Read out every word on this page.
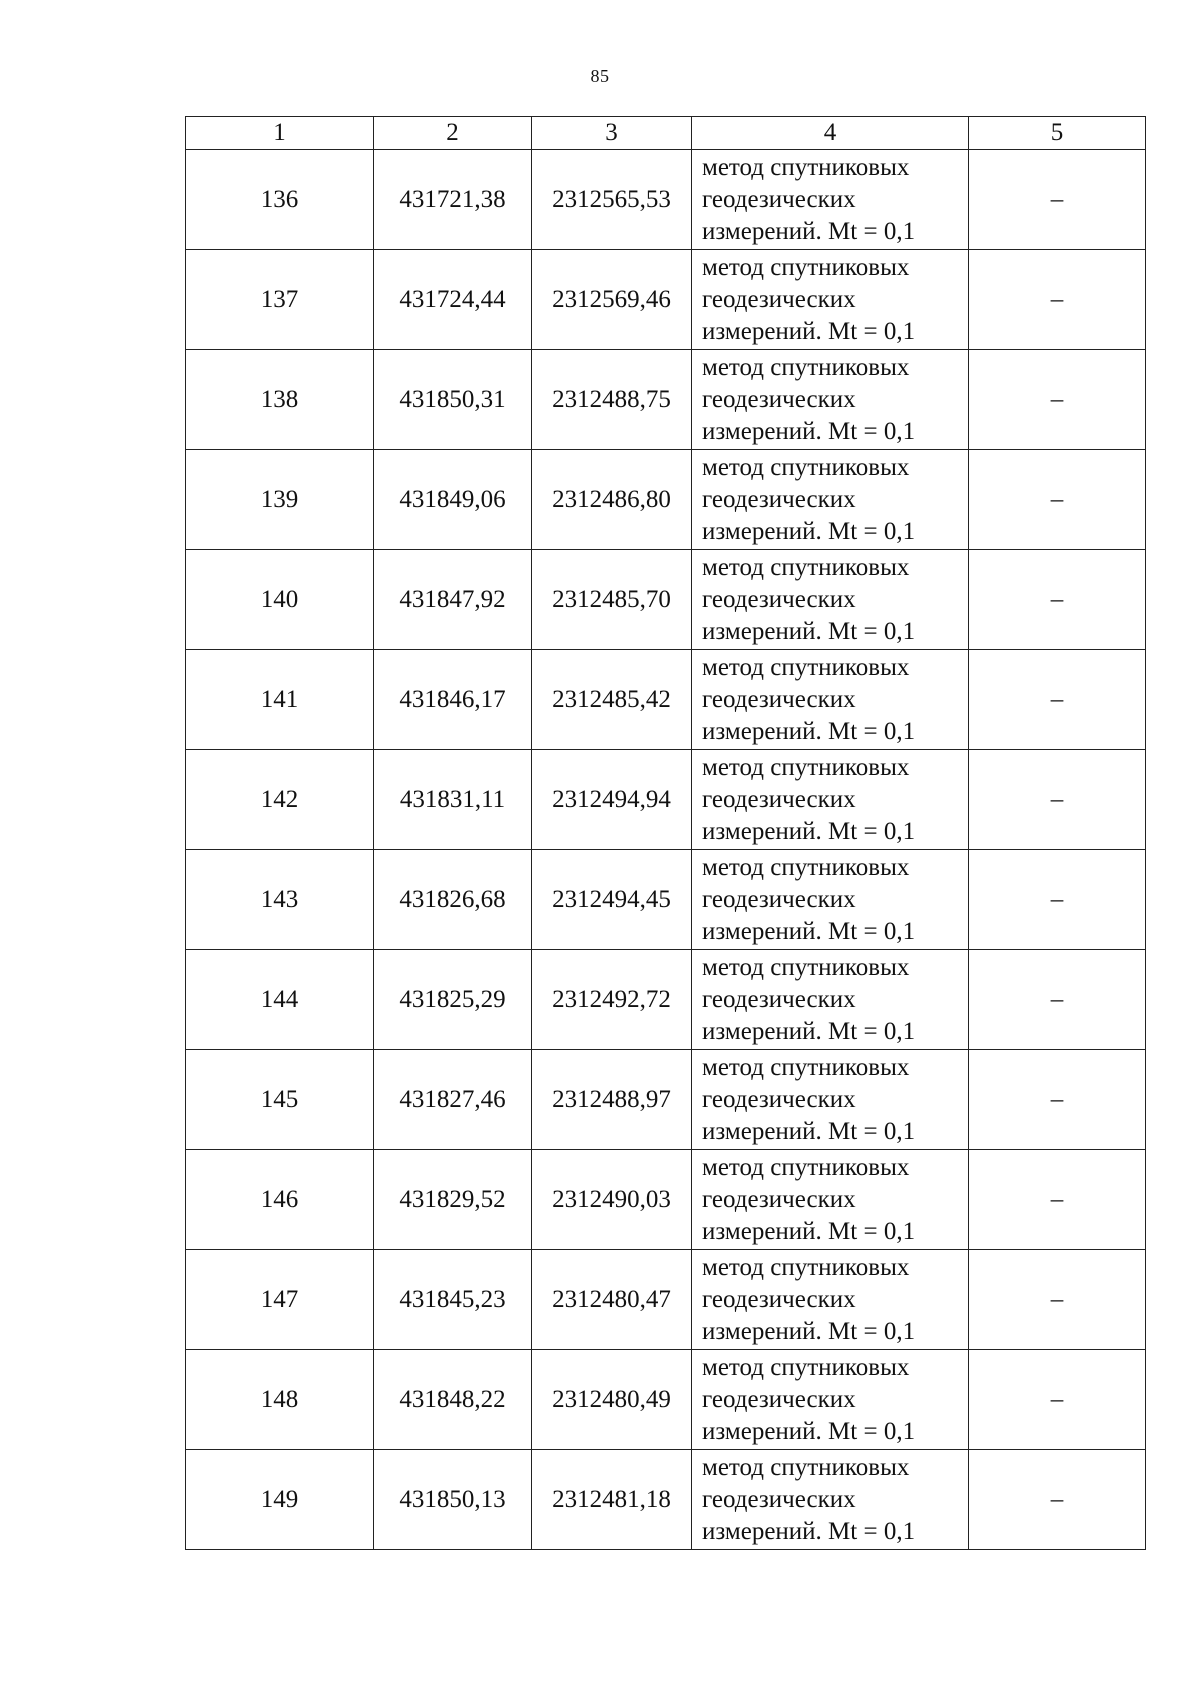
85
1	2	3	4	5
136	431721,38	2312565,53	метод спутниковых
геодезических
измерений. Mt = 0,1	–
137	431724,44	2312569,46	метод спутниковых
геодезических
измерений. Mt = 0,1	–
138	431850,31	2312488,75	метод спутниковых
геодезических
измерений. Mt = 0,1	–
139	431849,06	2312486,80	метод спутниковых
геодезических
измерений. Mt = 0,1	–
140	431847,92	2312485,70	метод спутниковых
геодезических
измерений. Mt = 0,1	–
141	431846,17	2312485,42	метод спутниковых
геодезических
измерений. Mt = 0,1	–
142	431831,11	2312494,94	метод спутниковых
геодезических
измерений. Mt = 0,1	–
143	431826,68	2312494,45	метод спутниковых
геодезических
измерений. Mt = 0,1	–
144	431825,29	2312492,72	метод спутниковых
геодезических
измерений. Mt = 0,1	–
145	431827,46	2312488,97	метод спутниковых
геодезических
измерений. Mt = 0,1	–
146	431829,52	2312490,03	метод спутниковых
геодезических
измерений. Mt = 0,1	–
147	431845,23	2312480,47	метод спутниковых
геодезических
измерений. Mt = 0,1	–
148	431848,22	2312480,49	метод спутниковых
геодезических
измерений. Mt = 0,1	–
149	431850,13	2312481,18	метод спутниковых
геодезических
измерений. Mt = 0,1	–
